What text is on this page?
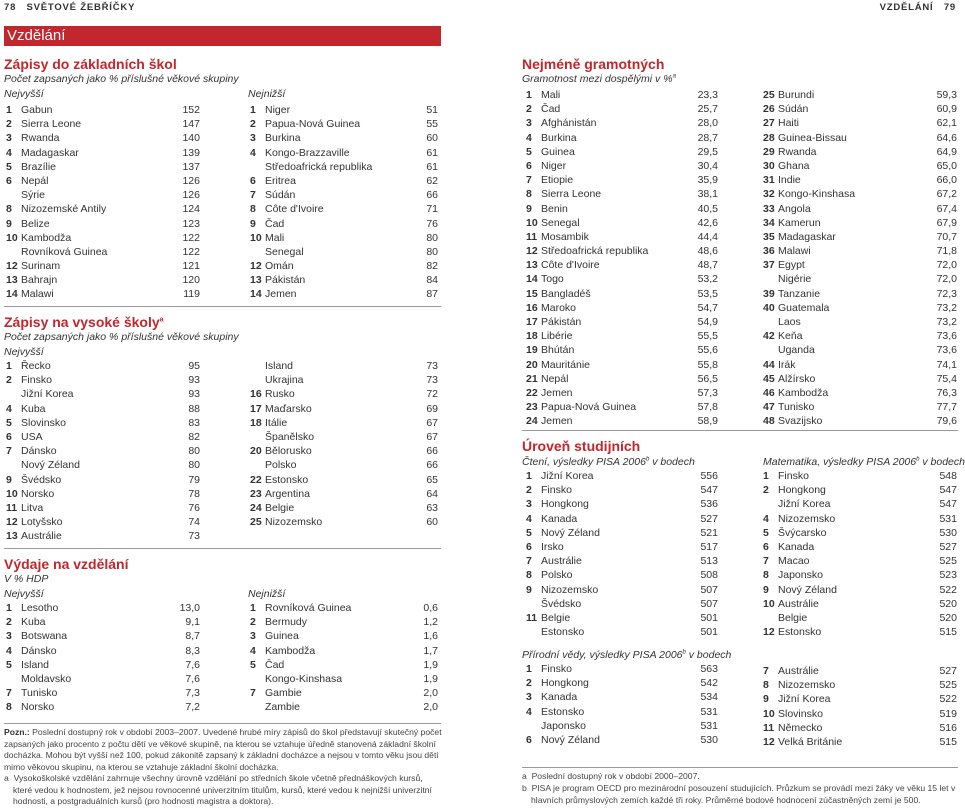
78 SVĚTOVÉ ŽEBŘÍČKY	VZDĚLÁNÍ 79
Vzdělání
Zápisy do základních škol
Počet zapsaných jako % příslušné věkové skupiny
Nejvyšší	Nejnižší
1 Gabun	152
2 Sierra Leone	147
3 Rwanda	140
4 Madagaskar	139
5 Brazílie	137
6 Nepál	126
Sýrie	126
8 Nizozemské Antily	124
9 Belize	123
10 Kambodža	122
Rovníková Guinea	122
12 Surinam	121
13 Bahrajn	120
14 Malawi	119
1 Niger	51
2 Papua-Nová Guinea	55
3 Burkina	60
4 Kongo-Brazzaville	61
Středoafrická republika	61
6 Eritrea	62
7 Súdán	66
8 Côte d'Ivoire	71
9 Čad	76
10 Mali	80
Senegal	80
12 Omán	82
13 Pákistán	84
14 Jemen	87
Zápisy na vysoké školy$^a$
Počet zapsaných jako % příslušné věkové skupiny
Nejvyšší
1 Řecko	95
2 Finsko	93
Jižní Korea	93
4 Kuba	88
5 Slovinsko	83
6 USA	82
7 Dánsko	80
Nový Zéland	80
9 Švédsko	79
10 Norsko	78
11 Litva	76
12 Lotyšsko	74
13 Austrálie	73
Island	73
Ukrajina	73
16 Rusko	72
17 Maďarsko	69
18 Itálie	67
Španělsko	67
20 Bělorusko	66
Polsko	66
22 Estonsko	65
23 Argentina	64
24 Belgie	63
25 Nizozemsko	60
Výdaje na vzdělání
V % HDP
Nejvyšší	Nejnižší
1 Lesotho	13,0
2 Kuba	9,1
3 Botswana	8,7
4 Dánsko	8,3
5 Island	7,6
Moldavsko	7,6
7 Tunisko	7,3
8 Norsko	7,2
1 Rovníková Guinea	0,6
2 Bermudy	1,2
3 Guinea	1,6
4 Kambodža	1,7
5 Čad	1,9
Kongo-Kinshasa	1,9
7 Gambie	2,0
Zambie	2,0
Pozn.: Poslední dostupný rok v období 2003–2007. Uvedené hrubé míry zápisů do škol představují skutečný počet zapsaných jako procento z počtu dětí ve věkové skupině, na kterou se vztahuje úředně stanovená základní školní docházka. Mohou být vyšší než 100, pokud zákonitě zapsaný k základní docházce a nejsou v tomto věku jsou děti mimo věkovou skupinu, na kterou se vztahuje základní školní docházka.
a Vysokoškolské vzdělání zahrnuje všechny úrovně vzdělání po středních škole včetně přednáškových kursů, které vedou k hodnostem, jež nejsou rovnocenné univerzitním titulům, kursů, které vedou k nejnižší univerzitní hodnosti, a postgraduálních kursů (pro hodnosti magistra a doktora).
Nejméně gramotných
Gramotnost mezi dospělými v %$^a$
1 Mali	23,3
2 Čad	25,7
3 Afghánistán	28,0
4 Burkina	28,7
5 Guinea	29,5
6 Niger	30,4
7 Etiopie	35,9
8 Sierra Leone	38,1
9 Benin	40,5
10 Senegal	42,6
11 Mosambik	44,4
12 Středoafrická republika	48,6
13 Côte d'Ivoire	48,7
14 Togo	53,2
15 Bangladéš	53,5
16 Maroko	54,7
17 Pákistán	54,9
18 Libérie	55,5
19 Bhútán	55,6
20 Mauritánie	55,8
21 Nepál	56,5
22 Jemen	57,3
23 Papua-Nová Guinea	57,8
24 Jemen	58,9
25 Burundi	59,3
26 Súdán	60,9
27 Haiti	62,1
28 Guinea-Bissau	64,6
29 Rwanda	64,9
30 Ghana	65,0
31 Indie	66,0
32 Kongo-Kinshasa	67,2
33 Angola	67,4
34 Kamerun	67,9
35 Madagaskar	70,7
36 Malawi	71,8
37 Egypt	72,0
Nigérie	72,0
39 Tanzanie	72,3
40 Guatemala	73,2
Laos	73,2
42 Keňa	73,6
Uganda	73,6
44 Irák	74,1
45 Alžírsko	75,4
46 Kambodža	76,3
47 Tunisko	77,7
48 Svazijsko	79,6
Úroveň studijních
Čtení, výsledky PISA 2006$^b$ v bodech	Matematika, výsledky PISA 2006$^b$ v bodech
1 Jižní Korea	556
2 Finsko	547
3 Hongkong	536
4 Kanada	527
5 Nový Zéland	521
6 Irsko	517
7 Austrálie	513
8 Polsko	508
9 Nizozemsko	507
Švédsko	507
11 Belgie	501
Estonsko	501
1 Finsko	548
2 Hongkong	547
Jižní Korea	547
4 Nizozemsko	531
5 Švýcarsko	530
6 Kanada	527
7 Macao	525
8 Japonsko	523
9 Nový Zéland	522
10 Austrálie	520
Belgie	520
12 Estonsko	515
Přírodní vědy, výsledky PISA 2006$^b$ v bodech
1 Finsko	563
2 Hongkong	542
3 Kanada	534
4 Estonsko	531
Japonsko	531
6 Nový Zéland	530
7 Austrálie	527
8 Nizozemsko	525
9 Jižní Korea	522
10 Slovinsko	519
11 Německo	516
12 Velká Británie	515
a Poslední dostupný rok v období 2000–2007.
b PISA je program OECD pro mezinárodní posouzení studujících. Průzkum se provádí mezi žáky ve věku 15 let v hlavních průmyslových zemích každé tři roky. Průměrné bodové hodnocení zúčastněných zemí je 500.
